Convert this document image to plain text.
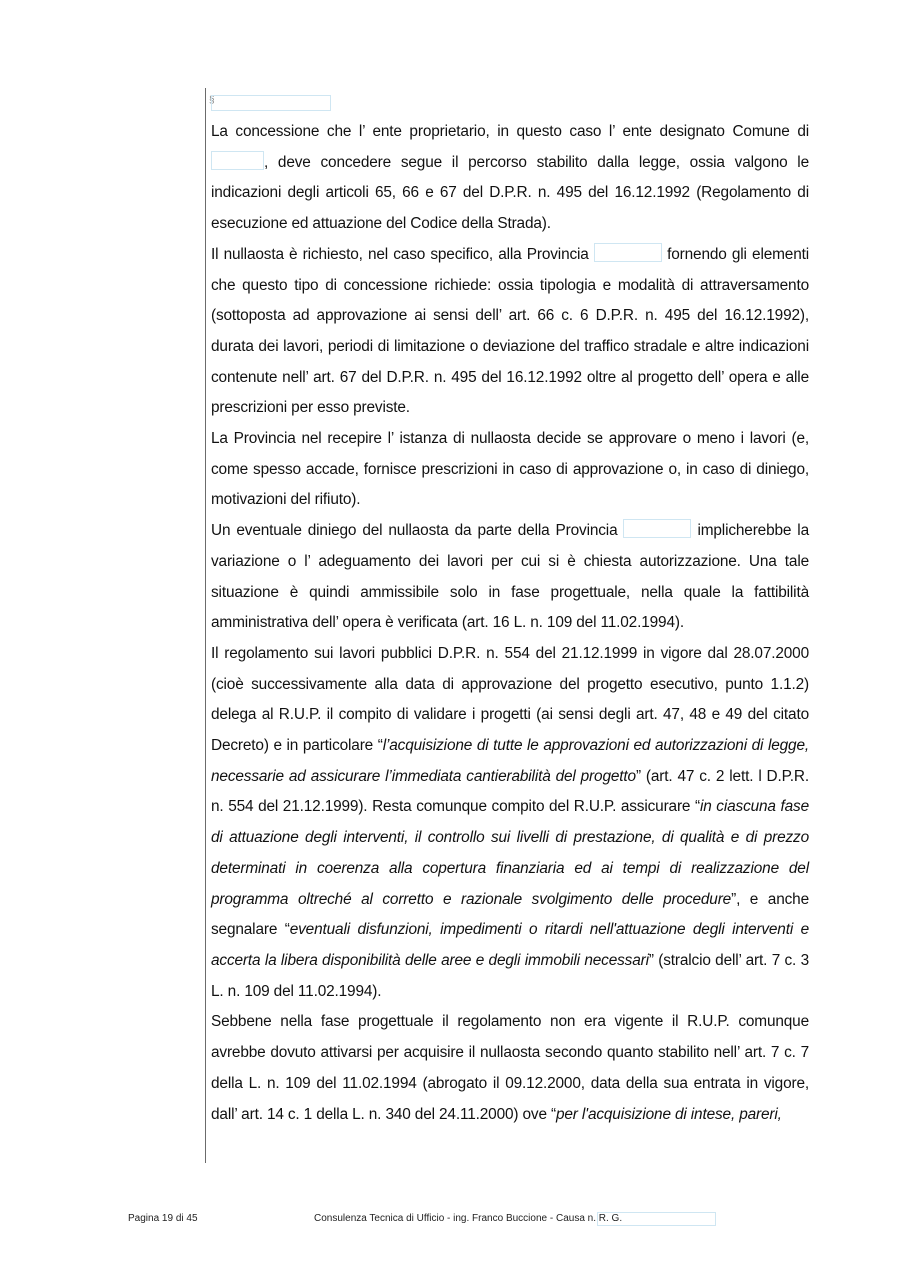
§

La concessione che l’ ente proprietario, in questo caso l’ ente designato Comune di , deve concedere segue il percorso stabilito dalla legge, ossia valgono le indicazioni degli articoli 65, 66 e 67 del D.P.R. n. 495 del 16.12.1992 (Regolamento di esecuzione ed attuazione del Codice della Strada).

Il nullaosta è richiesto, nel caso specifico, alla Provincia	fornendo gli elementi che questo tipo di concessione richiede: ossia tipologia e modalità di attraversamento (sottoposta ad approvazione ai sensi dell’ art. 66 c. 6 D.P.R. n. 495 del 16.12.1992), durata dei lavori, periodi di limitazione o deviazione del traffico stradale e altre indicazioni contenute nell’ art. 67 del D.P.R. n. 495 del 16.12.1992 oltre al progetto dell’ opera e alle prescrizioni per esso previste.

La Provincia nel recepire l’ istanza di nullaosta decide se approvare o meno i lavori (e, come spesso accade, fornisce prescrizioni in caso di approvazione o, in caso di diniego, motivazioni del rifiuto).

Un eventuale diniego del nullaosta da parte della Provincia	implicherebbe la variazione o l’ adeguamento dei lavori per cui si è chiesta autorizzazione. Una tale situazione è quindi ammissibile solo in fase progettuale, nella quale la fattibilità amministrativa dell’ opera è verificata (art. 16 L. n. 109 del 11.02.1994).

Il regolamento sui lavori pubblici D.P.R. n. 554 del 21.12.1999 in vigore dal 28.07.2000 (cioè successivamente alla data di approvazione del progetto esecutivo, punto 1.1.2) delega al R.U.P. il compito di validare i progetti (ai sensi degli art. 47, 48 e 49 del citato Decreto) e in particolare “l’acquisizione di tutte le approvazioni ed autorizzazioni di legge, necessarie ad assicurare l’immediata cantierabilità del progetto” (art. 47 c. 2 lett. l D.P.R. n. 554 del 21.12.1999). Resta comunque compito del R.U.P. assicurare “in ciascuna fase di attuazione degli interventi, il controllo sui livelli di prestazione, di qualità e di prezzo determinati in coerenza alla copertura finanziaria ed ai tempi di realizzazione del programma oltreché al corretto e razionale svolgimento delle procedure”, e anche segnalare “eventuali disfunzioni, impedimenti o ritardi nell'attuazione degli interventi e accerta la libera disponibilità delle aree e degli immobili necessari” (stralcio dell’ art. 7 c. 3 L. n. 109 del 11.02.1994).

Sebbene nella fase progettuale il regolamento non era vigente il R.U.P. comunque avrebbe dovuto attivarsi per acquisire il nullaosta secondo quanto stabilito nell’ art. 7 c. 7 della L. n. 109 del 11.02.1994 (abrogato il 09.12.2000, data della sua entrata in vigore, dall’ art. 14 c. 1 della L. n. 340 del 24.11.2000) ove “per l'acquisizione di intese, pareri,

Pagina 19 di 45	Consulenza Tecnica di Ufficio - ing. Franco Buccione - Causa n. R. G.
